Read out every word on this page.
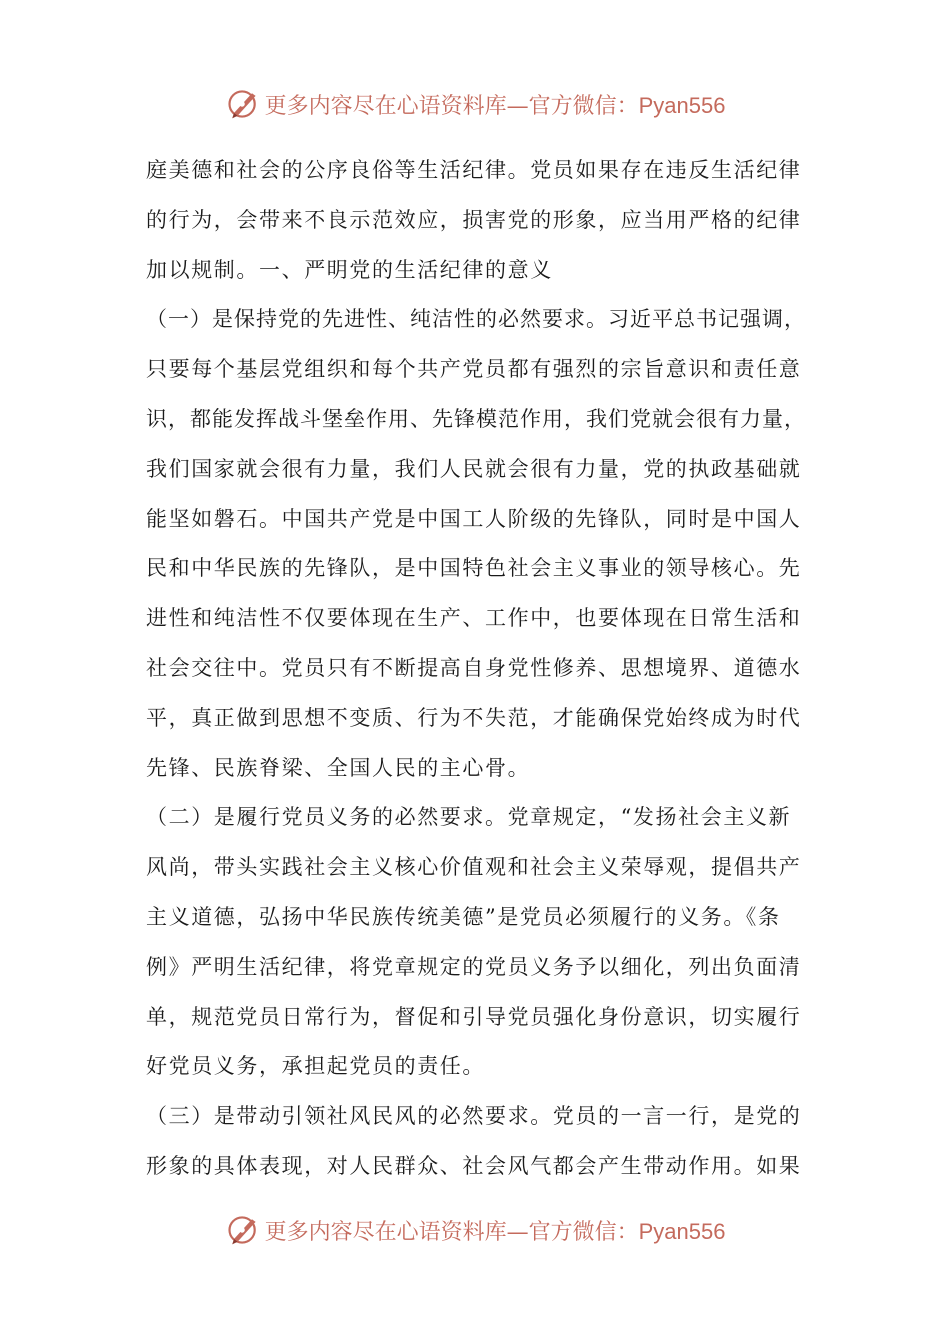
更多内容尽在心语资料库—官方微信：Pyan556
庭美德和社会的公序良俗等生活纪律。党员如果存在违反生活纪律
的行为，会带来不良示范效应，损害党的形象，应当用严格的纪律
加以规制。一、严明党的生活纪律的意义
（一）是保持党的先进性、纯洁性的必然要求。习近平总书记强调，
只要每个基层党组织和每个共产党员都有强烈的宗旨意识和责任意
识，都能发挥战斗堡垒作用、先锋模范作用，我们党就会很有力量，
我们国家就会很有力量，我们人民就会很有力量，党的执政基础就
能坚如磐石。中国共产党是中国工人阶级的先锋队，同时是中国人
民和中华民族的先锋队，是中国特色社会主义事业的领导核心。先
进性和纯洁性不仅要体现在生产、工作中，也要体现在日常生活和
社会交往中。党员只有不断提高自身党性修养、思想境界、道德水
平，真正做到思想不变质、行为不失范，才能确保党始终成为时代
先锋、民族脊梁、全国人民的主心骨。
（二）是履行党员义务的必然要求。党章规定，“发扬社会主义新
风尚，带头实践社会主义核心价值观和社会主义荣辱观，提倡共产
主义道德，弘扬中华民族传统美德”是党员必须履行的义务。《条
例》严明生活纪律，将党章规定的党员义务予以细化，列出负面清
单，规范党员日常行为，督促和引导党员强化身份意识，切实履行
好党员义务，承担起党员的责任。
（三）是带动引领社风民风的必然要求。党员的一言一行，是党的
形象的具体表现，对人民群众、社会风气都会产生带动作用。如果
更多内容尽在心语资料库—官方微信：Pyan556
